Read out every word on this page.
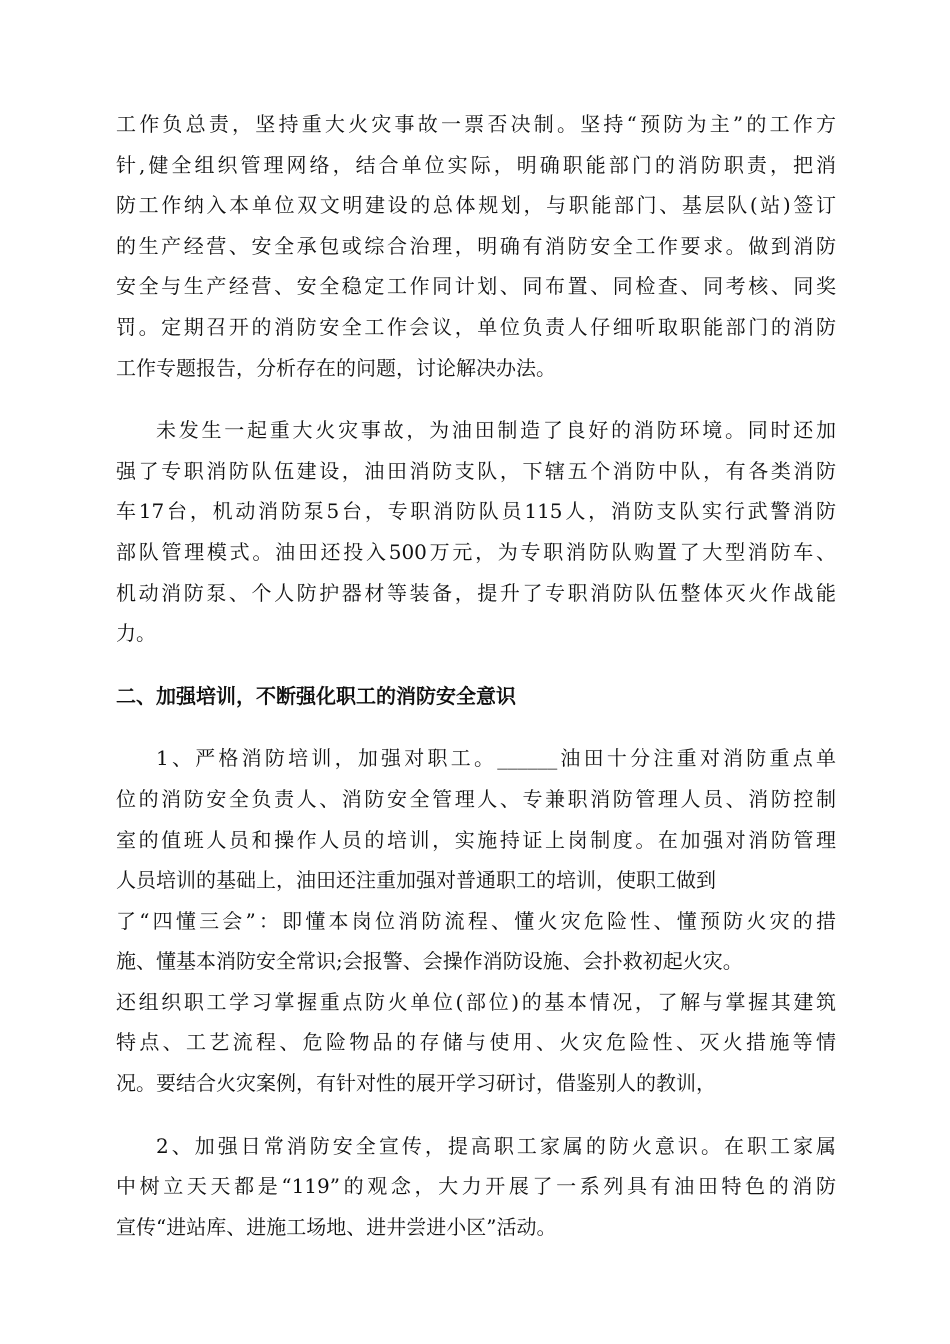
工作负总责，坚持重大火灾事故一票否决制。坚持“预防为主”的工作方
针,健全组织管理网络，结合单位实际，明确职能部门的消防职责，把消
防工作纳入本单位双文明建设的总体规划，与职能部门、基层队(站)签订
的生产经营、安全承包或综合治理，明确有消防安全工作要求。做到消防
安全与生产经营、安全稳定工作同计划、同布置、同检查、同考核、同奖
罚。定期召开的消防安全工作会议，单位负责人仔细听取职能部门的消防
工作专题报告，分析存在的问题，讨论解决办法。
未发生一起重大火灾事故，为油田制造了良好的消防环境。同时还加
强了专职消防队伍建设，油田消防支队，下辖五个消防中队，有各类消防
车17台，机动消防泵5台，专职消防队员115人，消防支队实行武警消防
部队管理模式。油田还投入500万元，为专职消防队购置了大型消防车、
机动消防泵、个人防护器材等装备，提升了专职消防队伍整体灭火作战能
力。
二、加强培训，不断强化职工的消防安全意识
1、严格消防培训，加强对职工。______油田十分注重对消防重点单
位的消防安全负责人、消防安全管理人、专兼职消防管理人员、消防控制
室的值班人员和操作人员的培训，实施持证上岗制度。在加强对消防管理
人员培训的基础上，油田还注重加强对普通职工的培训，使职工做到
了“四懂三会”：即懂本岗位消防流程、懂火灾危险性、懂预防火灾的措
施、懂基本消防安全常识;会报警、会操作消防设施、会扑救初起火灾。
还组织职工学习掌握重点防火单位(部位)的基本情况，了解与掌握其建筑
特点、工艺流程、危险物品的存储与使用、火灾危险性、灭火措施等情
况。要结合火灾案例，有针对性的展开学习研讨，借鉴别人的教训，
2、加强日常消防安全宣传，提高职工家属的防火意识。在职工家属
中树立天天都是“119”的观念，大力开展了一系列具有油田特色的消防
宣传“进站库、进施工场地、进井尝进小区”活动。
